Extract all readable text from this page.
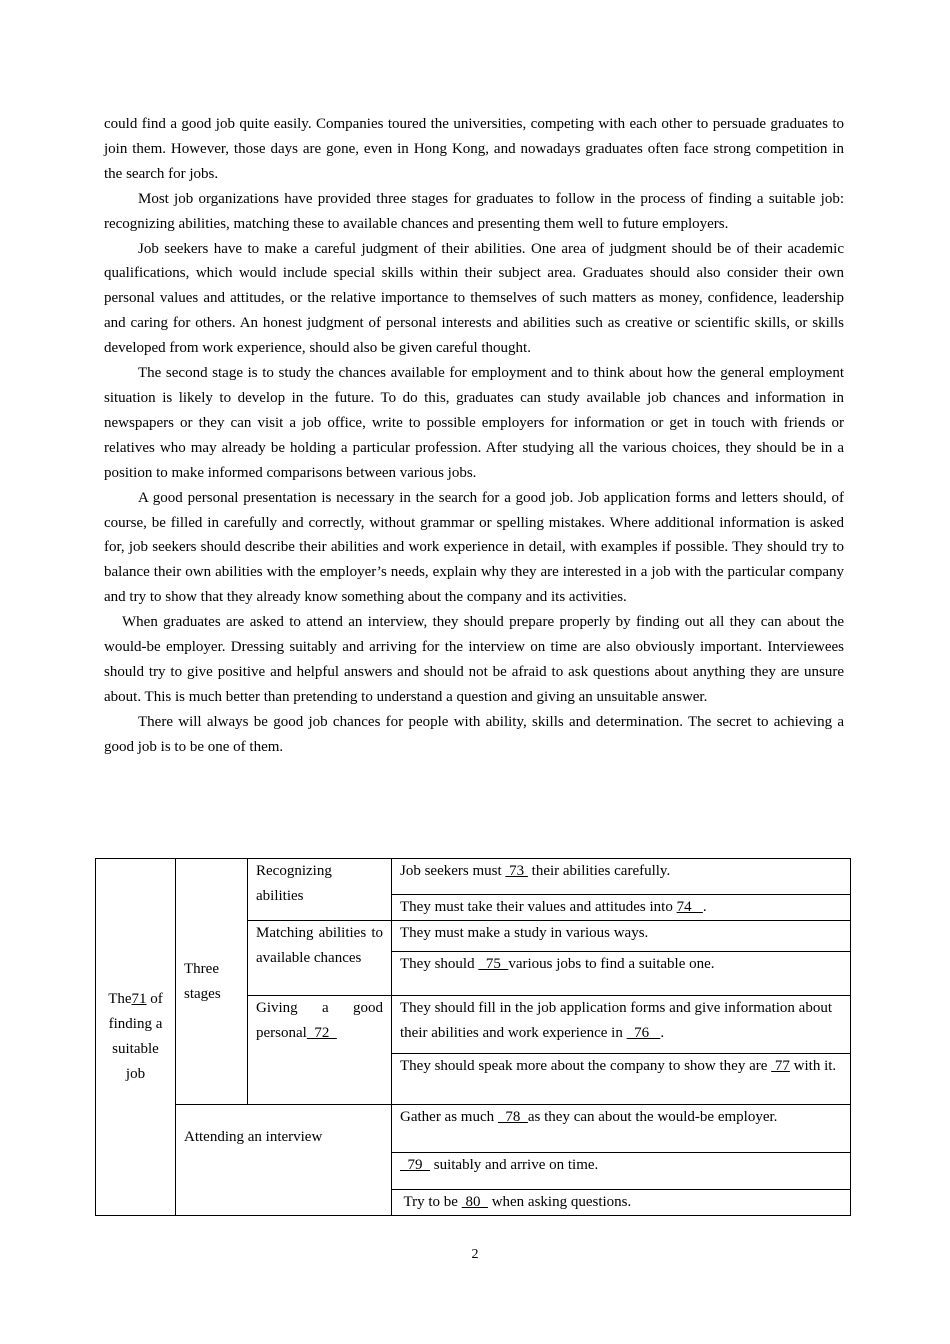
could find a good job quite easily. Companies toured the universities, competing with each other to persuade graduates to join them. However, those days are gone, even in Hong Kong, and nowadays graduates often face strong competition in the search for jobs.

Most job organizations have provided three stages for graduates to follow in the process of finding a suitable job: recognizing abilities, matching these to available chances and presenting them well to future employers.

Job seekers have to make a careful judgment of their abilities. One area of judgment should be of their academic qualifications, which would include special skills within their subject area. Graduates should also consider their own personal values and attitudes, or the relative importance to themselves of such matters as money, confidence, leadership and caring for others. An honest judgment of personal interests and abilities such as creative or scientific skills, or skills developed from work experience, should also be given careful thought.

The second stage is to study the chances available for employment and to think about how the general employment situation is likely to develop in the future. To do this, graduates can study available job chances and information in newspapers or they can visit a job office, write to possible employers for information or get in touch with friends or relatives who may already be holding a particular profession. After studying all the various choices, they should be in a position to make informed comparisons between various jobs.

A good personal presentation is necessary in the search for a good job. Job application forms and letters should, of course, be filled in carefully and correctly, without grammar or spelling mistakes. Where additional information is asked for, job seekers should describe their abilities and work experience in detail, with examples if possible. They should try to balance their own abilities with the employer’s needs, explain why they are interested in a job with the particular company and try to show that they already know something about the company and its activities.

When graduates are asked to attend an interview, they should prepare properly by finding out all they can about the would-be employer. Dressing suitably and arriving for the interview on time are also obviously important. Interviewees should try to give positive and helpful answers and should not be afraid to ask questions about anything they are unsure about. This is much better than pretending to understand a question and giving an unsuitable answer.

There will always be good job chances for people with ability, skills and determination. The secret to achieving a good job is to be one of them.

The71 of finding a suitable job	Three stages	Recognizing abilities	Job seekers must  73  their abilities carefully.
			They must take their values and attitudes into 74   .
		Matching abilities to available chances	They must make a study in various ways.
			They should   75  various jobs to find a suitable one.
		Giving a good personal  72	They should fill in the job application forms and give information about their abilities and work experience in   76   .
			They should speak more about the company to show they are  77 with it.
	Attending an interview		Gather as much   78  as they can about the would-be employer.
			79   suitably and arrive on time.
			Try to be  80   when asking questions.
2
